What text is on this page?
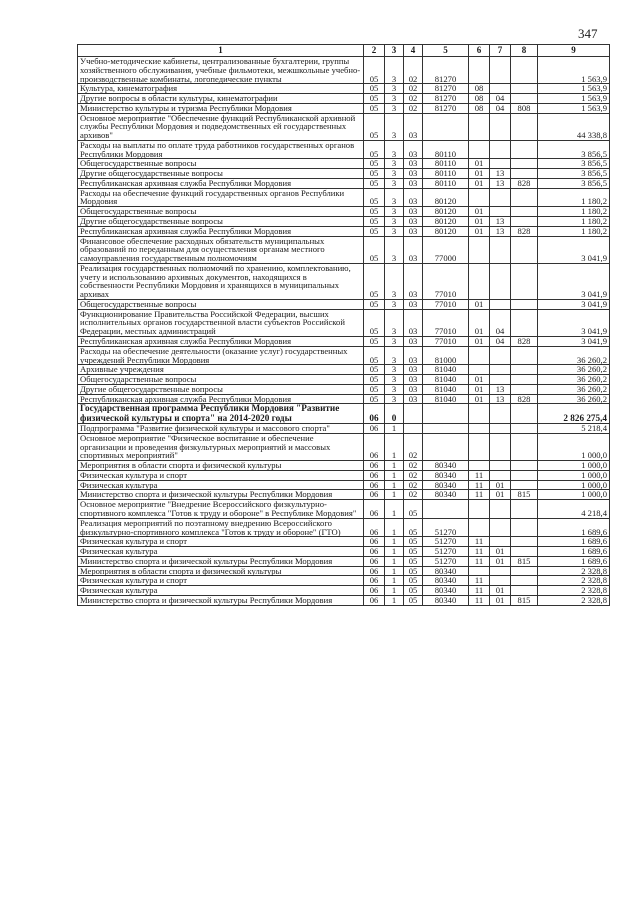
347
1	2	3	4	5	6	7	8	9
Учебно-методические кабинеты, централизованные бухгалтерии, группы хозяйственного обслуживания, учебные фильмотеки, межшкольные учебно-производственные комбинаты, логопедические пункты	05	3	02	81270				1 563,9
Культура, кинематография	05	3	02	81270	08			1 563,9
Другие вопросы в области культуры, кинематографии	05	3	02	81270	08	04		1 563,9
Министерство культуры и туризма Республики Мордовия	05	3	02	81270	08	04	808	1 563,9
Основное мероприятие "Обеспечение функций Республиканской архивной службы Республики Мордовия и подведомственных ей государственных архивов"	05	3	03					44 338,8
Расходы на выплаты по оплате труда работников государственных органов Республики Мордовия	05	3	03	80110				3 856,5
Общегосударственные вопросы	05	3	03	80110	01			3 856,5
Другие общегосударственные вопросы	05	3	03	80110	01	13		3 856,5
Республиканская архивная служба Республики Мордовия	05	3	03	80110	01	13	828	3 856,5
Расходы на обеспечение функций государственных органов Республики Мордовия	05	3	03	80120				1 180,2
Общегосударственные вопросы	05	3	03	80120	01			1 180,2
Другие общегосударственные вопросы	05	3	03	80120	01	13		1 180,2
Республиканская архивная служба Республики Мордовия	05	3	03	80120	01	13	828	1 180,2
Финансовое обеспечение расходных обязательств муниципальных образований по переданным для осуществления органам местного самоуправления государственным полномочиям	05	3	03	77000				3 041,9
Реализация государственных полномочий по хранению, комплектованию, учету и использованию архивных документов, находящихся в собственности Республики Мордовия и хранящихся в муниципальных архивах	05	3	03	77010				3 041,9
Общегосударственные вопросы	05	3	03	77010	01			3 041,9
Функционирование Правительства Российской Федерации, высших исполнительных органов государственной власти субъектов Российской Федерации, местных администраций	05	3	03	77010	01	04		3 041,9
Республиканская архивная служба Республики Мордовия	05	3	03	77010	01	04	828	3 041,9
Расходы на обеспечение деятельности (оказание услуг) государственных учреждений Республики Мордовия	05	3	03	81000				36 260,2
Архивные учреждения	05	3	03	81040				36 260,2
Общегосударственные вопросы	05	3	03	81040	01			36 260,2
Другие общегосударственные вопросы	05	3	03	81040	01	13		36 260,2
Республиканская архивная служба Республики Мордовия	05	3	03	81040	01	13	828	36 260,2
Государственная программа Республики Мордовия "Развитие физической культуры и спорта" на 2014-2020 годы	06	0						2 826 275,4
Подпрограмма "Развитие физической культуры и массового спорта"	06	1						5 218,4
Основное мероприятие "Физическое воспитание и обеспечение организации и проведения физкультурных мероприятий и массовых спортивных мероприятий"	06	1	02					1 000,0
Мероприятия в области спорта и физической культуры	06	1	02	80340				1 000,0
Физическая культура и спорт	06	1	02	80340	11			1 000,0
Физическая культура	06	1	02	80340	11	01		1 000,0
Министерство спорта и физической культуры Республики Мордовия	06	1	02	80340	11	01	815	1 000,0
Основное мероприятие "Внедрение Всероссийского физкультурно-спортивного комплекса "Готов к труду и обороне" в Республике Мордовия"	06	1	05					4 218,4
Реализация мероприятий по поэтапному внедрению Всероссийского физкультурно-спортивного комплекса "Готов к труду и обороне" (ГТО)	06	1	05	51270				1 689,6
Физическая культура и спорт	06	1	05	51270	11			1 689,6
Физическая культура	06	1	05	51270	11	01		1 689,6
Министерство спорта и физической культуры Республики Мордовия	06	1	05	51270	11	01	815	1 689,6
Мероприятия в области спорта и физической культуры	06	1	05	80340				2 328,8
Физическая культура и спорт	06	1	05	80340	11			2 328,8
Физическая культура	06	1	05	80340	11	01		2 328,8
Министерство спорта и физической культуры Республики Мордовия	06	1	05	80340	11	01	815	2 328,8
